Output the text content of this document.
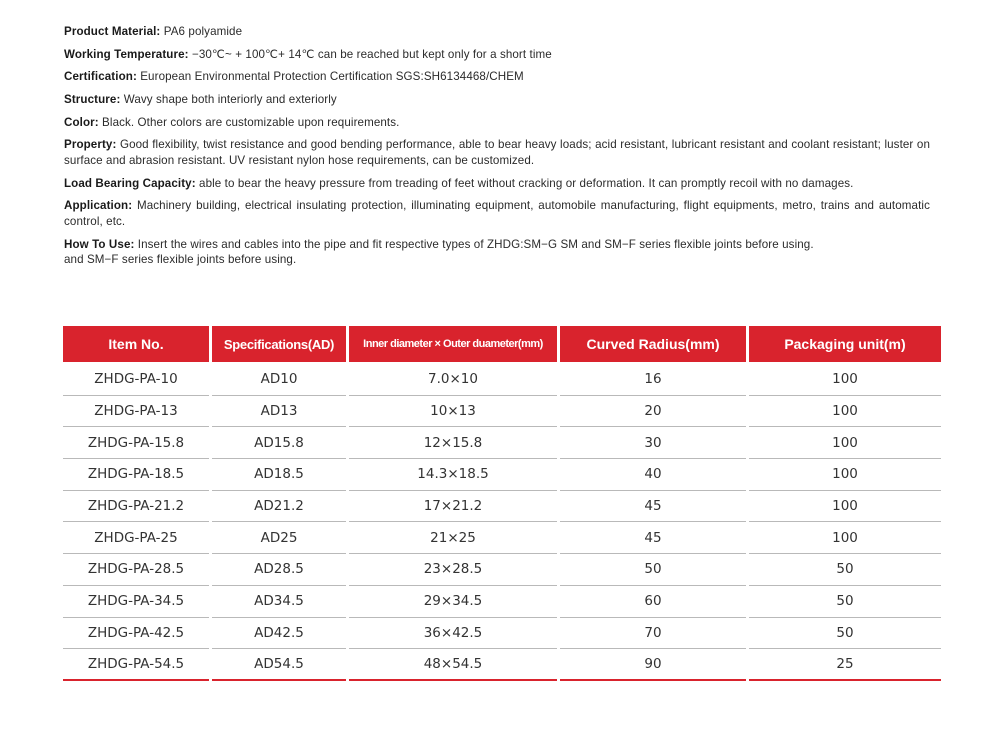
Product Material: PA6 polyamide

Working Temperature: −30℃~ + 100℃+ 14℃ can be reached but kept only for a short time

Certification: European Environmental Protection Certification SGS:SH6134468/CHEM

Structure: Wavy shape both interiorly and exteriorly

Color: Black. Other colors are customizable upon requirements.

Property: Good flexibility, twist resistance and good bending performance, able to bear heavy loads; acid resistant, lubricant resistant and coolant resistant; luster on surface and abrasion resistant. UV resistant nylon hose requirements, can be customized.

Load Bearing Capacity: able to bear the heavy pressure from treading of feet without cracking or deformation. It can promptly recoil with no damages.

Application: Machinery building, electrical insulating protection, illuminating equipment, automobile manufacturing, flight equipments, metro, trains and automatic control, etc.

How To Use: Insert the wires and cables into the pipe and fit respective types of ZHDG:SM−G SM and SM−F series flexible joints before using.
and SM−F series flexible joints before using.

Item No.	Specifications(AD)	Inner diameter × Outer duameter(mm)	Curved Radius(mm)	Packaging unit(m)
ZHDG-PA-10	AD10	7.0×10	16	100
ZHDG-PA-13	AD13	10×13	20	100
ZHDG-PA-15.8	AD15.8	12×15.8	30	100
ZHDG-PA-18.5	AD18.5	14.3×18.5	40	100
ZHDG-PA-21.2	AD21.2	17×21.2	45	100
ZHDG-PA-25	AD25	21×25	45	100
ZHDG-PA-28.5	AD28.5	23×28.5	50	50
ZHDG-PA-34.5	AD34.5	29×34.5	60	50
ZHDG-PA-42.5	AD42.5	36×42.5	70	50
ZHDG-PA-54.5	AD54.5	48×54.5	90	25
